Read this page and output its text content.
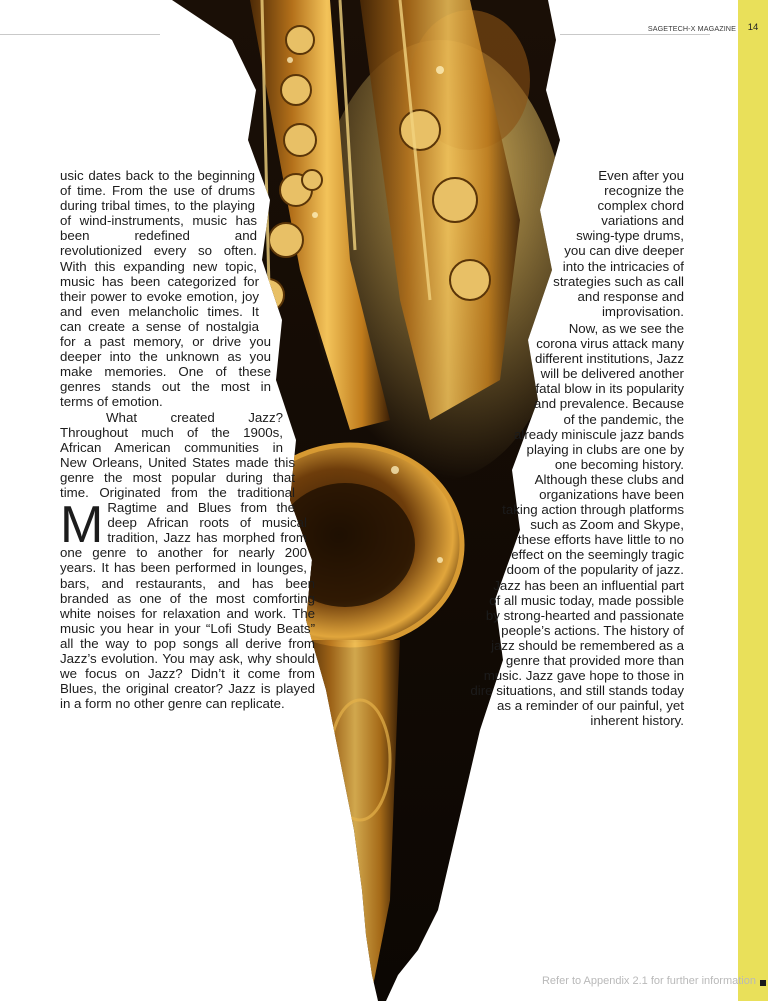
SAGETECH-X MAGAZINE	14

M
usic dates back to the beginning of time. From the use of drums during tribal times, to the playing of wind-instruments, music has been redefined and revolutionized every so often. With this expanding new topic, music has been categorized for their power to evoke emotion, joy and even melancholic times. It can create a sense of nostalgia for a past memory, or drive you deeper into the unknown as you make memories. One of these genres stands out the most in terms of emotion.

What created Jazz? Throughout much of the 1900s, African American communities in New Orleans, United States made this genre the most popular during that time. Originated from the traditional Ragtime and Blues from the deep African roots of musical tradition, Jazz has morphed from one genre to another for nearly 200 years. It has been performed in lounges, bars, and restaurants, and has been branded as one of the most comforting white noises for relaxation and work. The music you hear in your “Lofi Study Beats” all the way to pop songs all derive from Jazz’s evolution. You may ask, why should we focus on Jazz? Didn’t it come from Blues, the original creator? Jazz is played in a form no other genre can replicate.

Even after you recognize the complex chord variations and swing-type drums, you can dive deeper into the intricacies of strategies such as call and response and improvisation.

Now, as we see the corona virus attack many different institutions, Jazz will be delivered another fatal blow in its popularity and prevalence. Because of the pandemic, the already miniscule jazz bands playing in clubs are one by one becoming history. Although these clubs and organizations have been taking action through platforms such as Zoom and Skype, these efforts have little to no effect on the seemingly tragic doom of the popularity of jazz. Jazz has been an influential part of all music today, made possible by strong-hearted and passionate people’s actions. The history of jazz should be remembered as a genre that provided more than music. Jazz gave hope to those in dire situations, and still stands today as a reminder of our painful, yet inherent history.

Refer to Appendix 2.1 for further information
